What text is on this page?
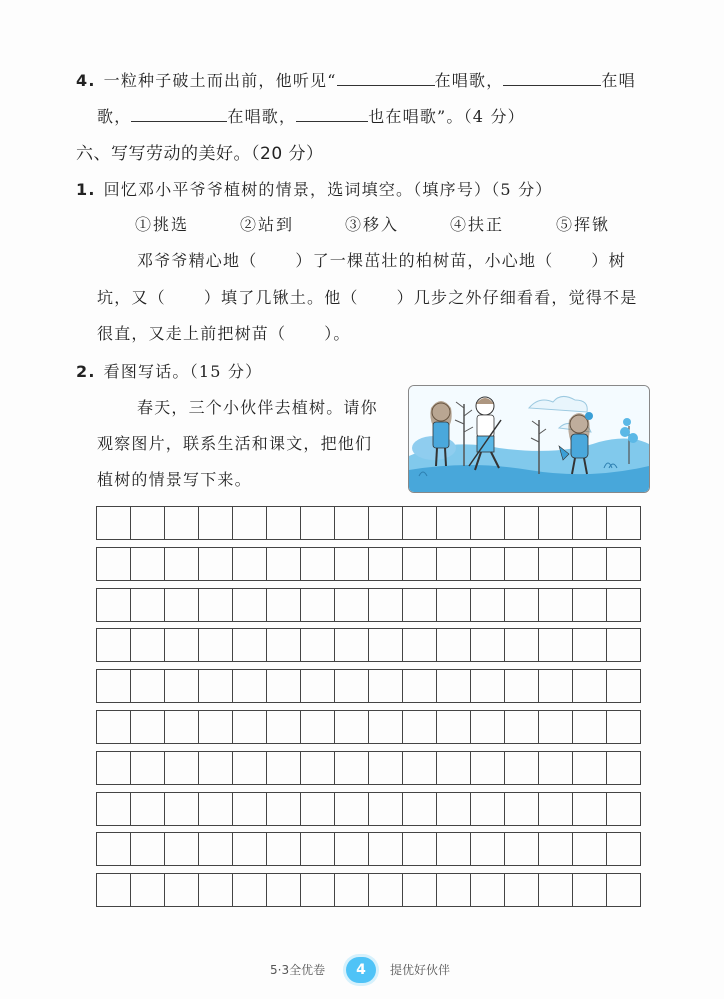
4. 一粒种子破土而出前，他听见“	在唱歌，	在唱
歌，	在唱歌，	也在唱歌”。（4 分）
六、写写劳动的美好。（20 分）
1. 回忆邓小平爷爷植树的情景，选词填空。（填序号）（5 分）
①挑选	②站到	③移入	④扶正	⑤挥锹
邓爷爷精心地（ ）了一棵茁壮的柏树苗，小心地（ ）树
坑，又（ ）填了几锹土。他（ ）几步之外仔细看看，觉得不是
很直，又走上前把树苗（ ）。
2. 看图写话。（15 分）
春天，三个小伙伴去植树。请你
观察图片，联系生活和课文，把他们
植树的情景写下来。
5·3全优卷	4	提优好伙伴
